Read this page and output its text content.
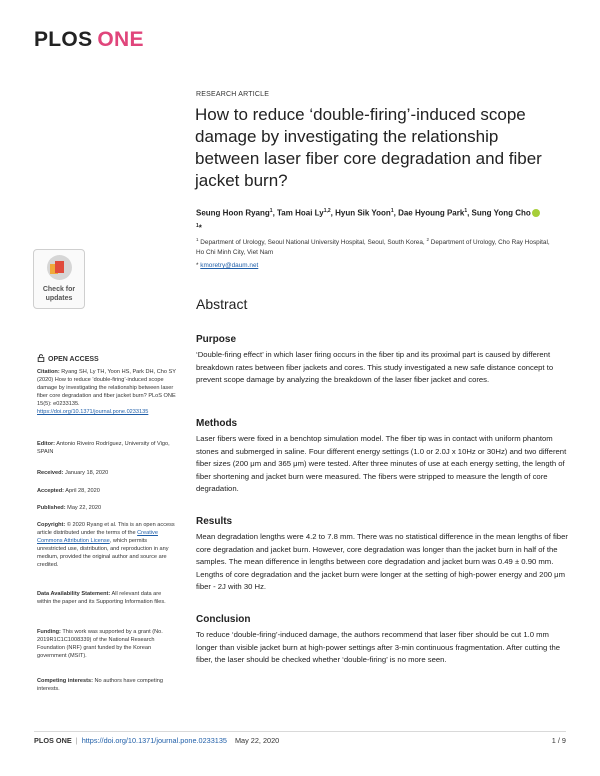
PLOS ONE
RESEARCH ARTICLE
How to reduce ‘double-firing’-induced scope damage by investigating the relationship between laser fiber core degradation and fiber jacket burn?
Seung Hoon Ryang$^1$, Tam Hoai Ly$^{1,2}$, Hyun Sik Yoon$^1$, Dae Hyoung Park$^1$, Sung Yong Cho$^1$*
$^1$ Department of Urology, Seoul National University Hospital, Seoul, South Korea, $^2$ Department of Urology, Cho Ray Hospital, Ho Chi Minh City, Viet Nam
* kmoretry@daum.net
Abstract
Purpose

‘Double-firing effect’ in which laser firing occurs in the fiber tip and its proximal part is caused by different breakdown rates between fiber jackets and cores. This study investigated a new safe distance concept to prevent scope damage by analyzing the breakdown of the laser fiber jacket and cores.

Methods

Laser fibers were fixed in a benchtop simulation model. The fiber tip was in contact with uniform phantom stones and submerged in saline. Four different energy settings (1.0 or 2.0J x 10Hz or 30Hz) and two different fiber sizes (200 μm and 365 μm) were tested. After three minutes of use at each energy setting, the length of fiber shortening and jacket burn were measured. The fibers were stripped to measure the length of core degradation.

Results

Mean degradation lengths were 4.2 to 7.8 mm. There was no statistical difference in the mean lengths of fiber core degradation and jacket burn. However, core degradation was longer than the jacket burn in half of the samples. The mean difference in lengths between core degradation and jacket burn was 0.49 ± 0.90 mm. Lengths of core degradation and the jacket burn were longer at the setting of high-power energy and 200 μm fiber - 2J with 30 Hz.

Conclusion

To reduce ‘double-firing’-induced damage, the authors recommend that laser fiber should be cut 1.0 mm longer than visible jacket burn at high-power settings after 3-min continuous fragmentation. After cutting the fiber, the laser should be checked whether ‘double-firing’ is no more seen.

Check for
updates
OPEN ACCESS
Citation: Ryang SH, Ly TH, Yoon HS, Park DH, Cho SY (2020) How to reduce ‘double-firing’-induced scope damage by investigating the relationship between laser fiber core degradation and fiber jacket burn? PLoS ONE 15(5): e0233135. https://doi.org/10.1371/journal.pone.0233135
Editor: Antonio Riveiro Rodríguez, University of Vigo, SPAIN
Received: January 18, 2020
Accepted: April 28, 2020
Published: May 22, 2020
Copyright: © 2020 Ryang et al. This is an open access article distributed under the terms of the Creative Commons Attribution License, which permits unrestricted use, distribution, and reproduction in any medium, provided the original author and source are credited.
Data Availability Statement: All relevant data are within the paper and its Supporting Information files.
Funding: This work was supported by a grant (No. 2019R1C1C1008339) of the National Research Foundation (NRF) grant funded by the Korean government (MSIT).
Competing interests: No authors have competing interests.
PLOS ONE | https://doi.org/10.1371/journal.pone.0233135 May 22, 2020	1 / 9
